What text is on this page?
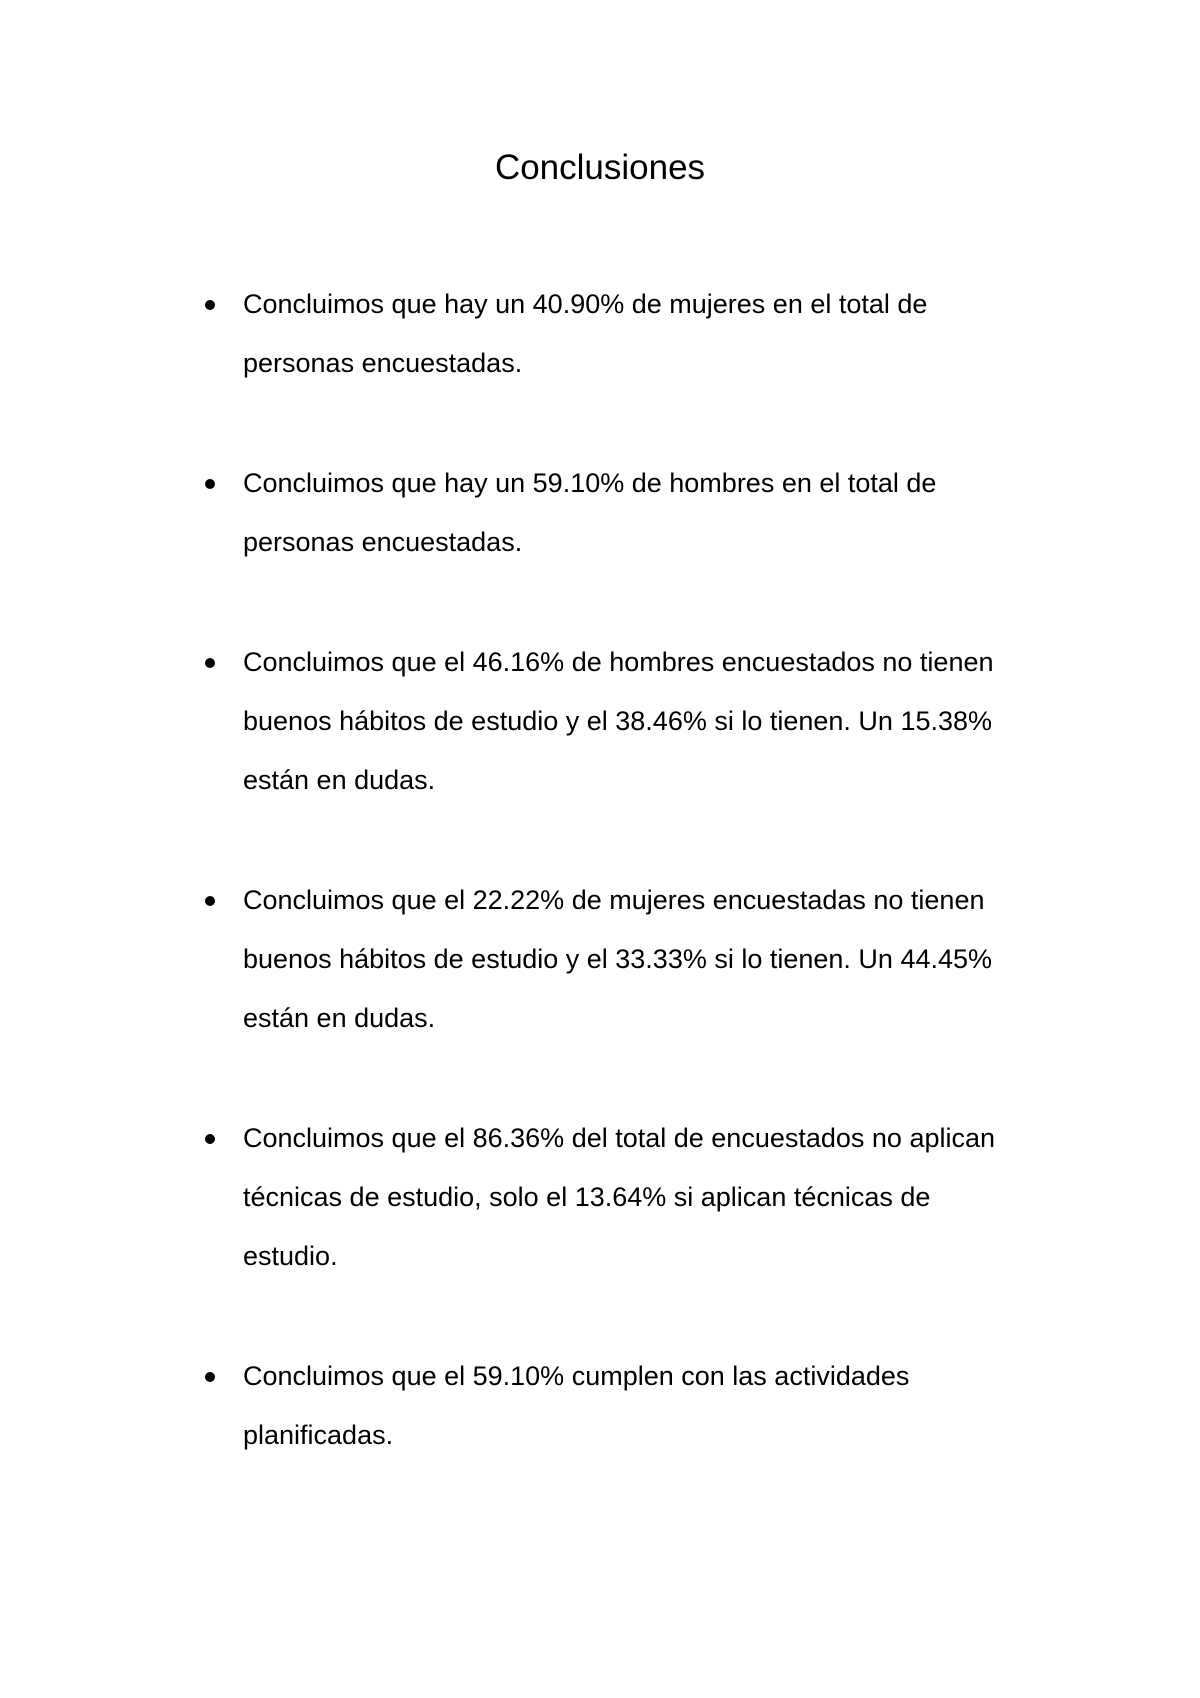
Conclusiones
Concluimos que hay un 40.90% de mujeres en el total de personas encuestadas.
Concluimos que hay un 59.10% de hombres en el total de personas encuestadas.
Concluimos que el 46.16% de hombres encuestados no tienen buenos hábitos de estudio y el 38.46% si lo tienen. Un 15.38% están en dudas.
Concluimos que el 22.22% de mujeres encuestadas no tienen buenos hábitos de estudio y el 33.33% si lo tienen. Un 44.45% están en dudas.
Concluimos que el 86.36% del total de encuestados no aplican técnicas de estudio, solo el 13.64% si aplican técnicas de estudio.
Concluimos que el 59.10% cumplen con las actividades planificadas.
